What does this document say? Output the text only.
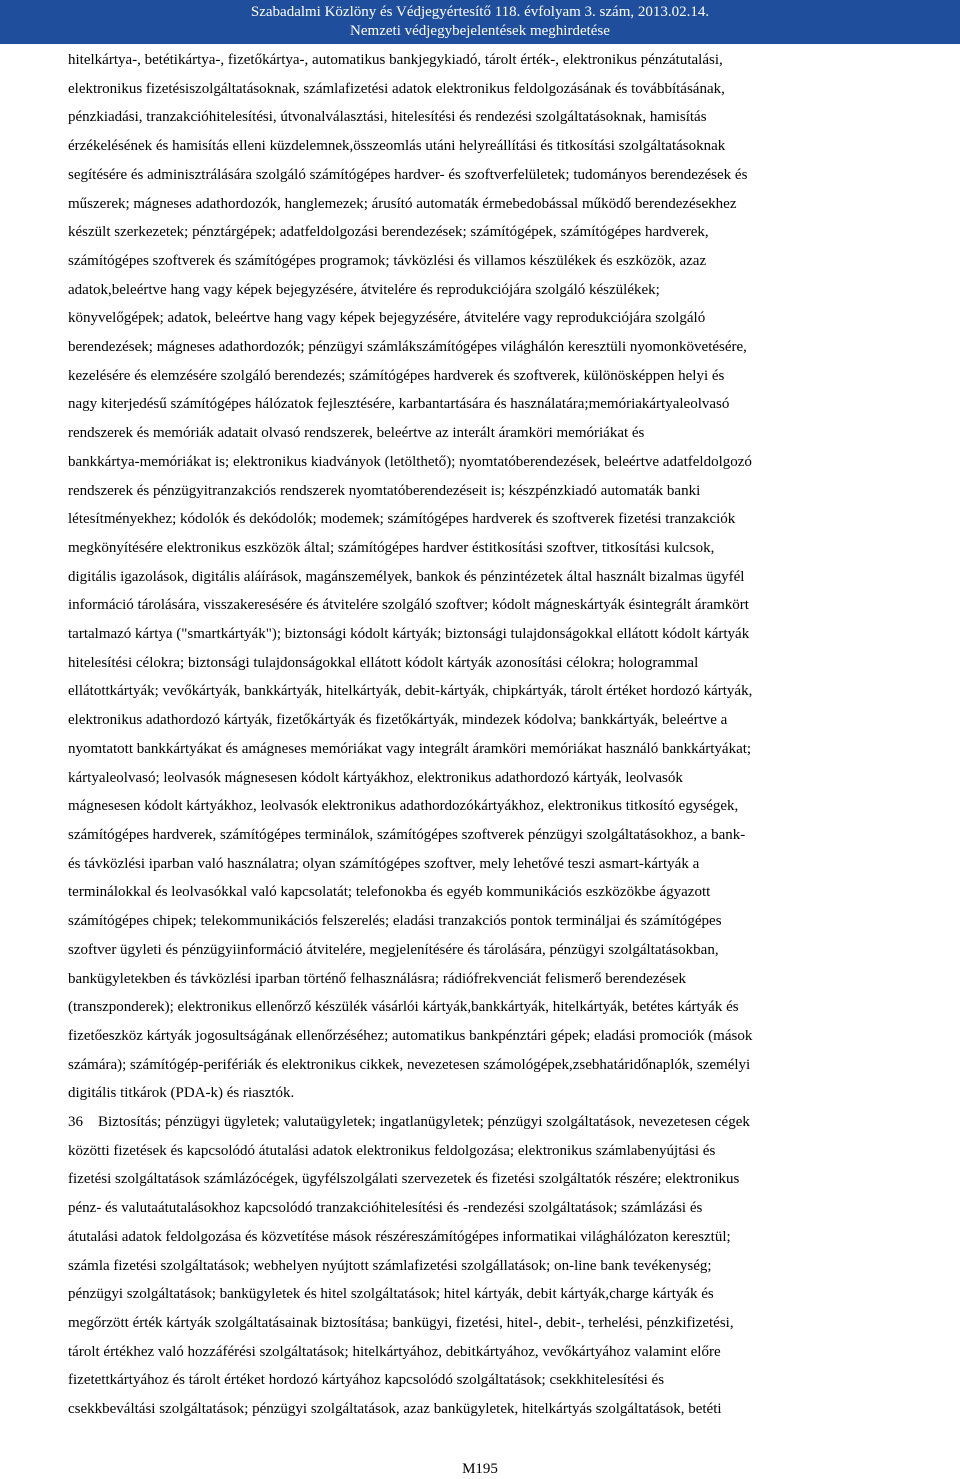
Szabadalmi Közlöny és Védjegyértesítő 118. évfolyam 3. szám, 2013.02.14.
Nemzeti védjegybejelentések meghirdetése
hitelkártya-, betétikártya-, fizetőkártya-, automatikus bankjegykiadó, tárolt érték-, elektronikus pénzátutalási,
elektronikus fizetésiszolgáltatásoknak, számlafizetési adatok elektronikus feldolgozásának és továbbításának,
pénzkiadási, tranzakcióhitelesítési, útvonalválasztási, hitelesítési és rendezési szolgáltatásoknak, hamisítás
érzékelésének és hamisítás elleni küzdelemnek,összeomlás utáni helyreállítási és titkosítási szolgáltatásoknak
segítésére és adminisztrálására szolgáló számítógépes hardver- és szoftverfelületek; tudományos berendezések és
műszerek; mágneses adathordozók, hanglemezek; árusító automaták érmebedobással működő berendezésekhez
készült szerkezetek; pénztárgépek; adatfeldolgozási berendezések; számítógépek, számítógépes hardverek,
számítógépes szoftverek és számítógépes programok; távközlési és villamos készülékek és eszközök, azaz
adatok,beleértve hang vagy képek bejegyzésére, átvitelére és reprodukciójára szolgáló készülékek;
könyvelőgépek; adatok, beleértve hang vagy képek bejegyzésére, átvitelére vagy reprodukciójára szolgáló
berendezések; mágneses adathordozók; pénzügyi számlákszámítógépes világhálón keresztüli nyomonkövetésére,
kezelésére és elemzésére szolgáló berendezés; számítógépes hardverek és szoftverek, különösképpen helyi és
nagy kiterjedésű számítógépes hálózatok fejlesztésére, karbantartására és használatára;memóriakártyaleolvasó
rendszerek és memóriák adatait olvasó rendszerek, beleértve az interált áramköri memóriákat és
bankkártya-memóriákat is; elektronikus kiadványok (letölthető); nyomtatóberendezések, beleértve adatfeldolgozó
rendszerek és pénzügyitranzakciós rendszerek nyomtatóberendezéseit is; készpénzkiadó automaták banki
létesítményekhez; kódolók és dekódolók; modemek; számítógépes hardverek és szoftverek fizetési tranzakciók
megkönyítésére elektronikus eszközök által; számítógépes hardver éstitkosítási szoftver, titkosítási kulcsok,
digitális igazolások, digitális aláírások, magánszemélyek, bankok és pénzintézetek által használt bizalmas ügyfél
információ tárolására, visszakeresésére és átvitelére szolgáló szoftver; kódolt mágneskártyák ésintegrált áramkört
tartalmazó kártya ("smartkártyák"); biztonsági kódolt kártyák; biztonsági tulajdonságokkal ellátott kódolt kártyák
hitelesítési célokra; biztonsági tulajdonságokkal ellátott kódolt kártyák azonosítási célokra; hologrammal
ellátottkártyák; vevőkártyák, bankkártyák, hitelkártyák, debit-kártyák, chipkártyák, tárolt értéket hordozó kártyák,
elektronikus adathordozó kártyák, fizetőkártyák és fizetőkártyák, mindezek kódolva; bankkártyák, beleértve a
nyomtatott bankkártyákat és amágneses memóriákat vagy integrált áramköri memóriákat használó bankkártyákat;
kártyaleolvasó; leolvasók mágnesesen kódolt kártyákhoz, elektronikus adathordozó kártyák, leolvasók
mágnesesen kódolt kártyákhoz, leolvasók elektronikus adathordozókártyákhoz, elektronikus titkosító egységek,
számítógépes hardverek, számítógépes terminálok, számítógépes szoftverek pénzügyi szolgáltatásokhoz, a bank-
és távközlési iparban való használatra; olyan számítógépes szoftver, mely lehetővé teszi asmart-kártyák a
terminálokkal és leolvasókkal való kapcsolatát; telefonokba és egyéb kommunikációs eszközökbe ágyazott
számítógépes chipek; telekommunikációs felszerelés; eladási tranzakciós pontok termináljai és számítógépes
szoftver ügyleti és pénzügyiinformáció átvitelére, megjelenítésére és tárolására, pénzügyi szolgáltatásokban,
bankügyletekben és távközlési iparban történő felhasználásra; rádiófrekvenciát felismerő berendezések
(transzponderek); elektronikus ellenőrző készülék vásárlói kártyák,bankkártyák, hitelkártyák, betétes kártyák és
fizetőeszköz kártyák jogosultságának ellenőrzéséhez; automatikus bankpénztári gépek; eladási promociók (mások
számára); számítógép-perifériák és elektronikus cikkek, nevezetesen számológépek,zsebhatáridőnaplók, személyi
digitális titkárok (PDA-k) és riasztók.
36    Biztosítás; pénzügyi ügyletek; valutaügyletek; ingatlanügyletek; pénzügyi szolgáltatások, nevezetesen cégek
közötti fizetések és kapcsolódó átutalási adatok elektronikus feldolgozása; elektronikus számlabenyújtási és
fizetési szolgáltatások számlázócégek, ügyfélszolgálati szervezetek és fizetési szolgáltatók részére; elektronikus
pénz- és valutaátutalásokhoz kapcsolódó tranzakcióhitelesítési és -rendezési szolgáltatások; számlázási és
átutalási adatok feldolgozása és közvetítése mások részéreszámítógépes informatikai világhálózaton keresztül;
számla fizetési szolgáltatások; webhelyen nyújtott számlafizetési szolgállatások; on-line bank tevékenység;
pénzügyi szolgáltatások; bankügyletek és hitel szolgáltatások; hitel kártyák, debit kártyák,charge kártyák és
megőrzött érték kártyák szolgáltatásainak biztosítása; bankügyi, fizetési, hitel-, debit-, terhelési, pénzkifizetési,
tárolt értékhez való hozzáférési szolgáltatások; hitelkártyához, debitkártyához, vevőkártyához valamint előre
fizetettkártyához és tárolt értéket hordozó kártyához kapcsolódó szolgáltatások; csekkhitelesítési és
csekkbeváltási szolgáltatások; pénzügyi szolgáltatások, azaz bankügyletek, hitelkártyás szolgáltatások, betéti
M195
